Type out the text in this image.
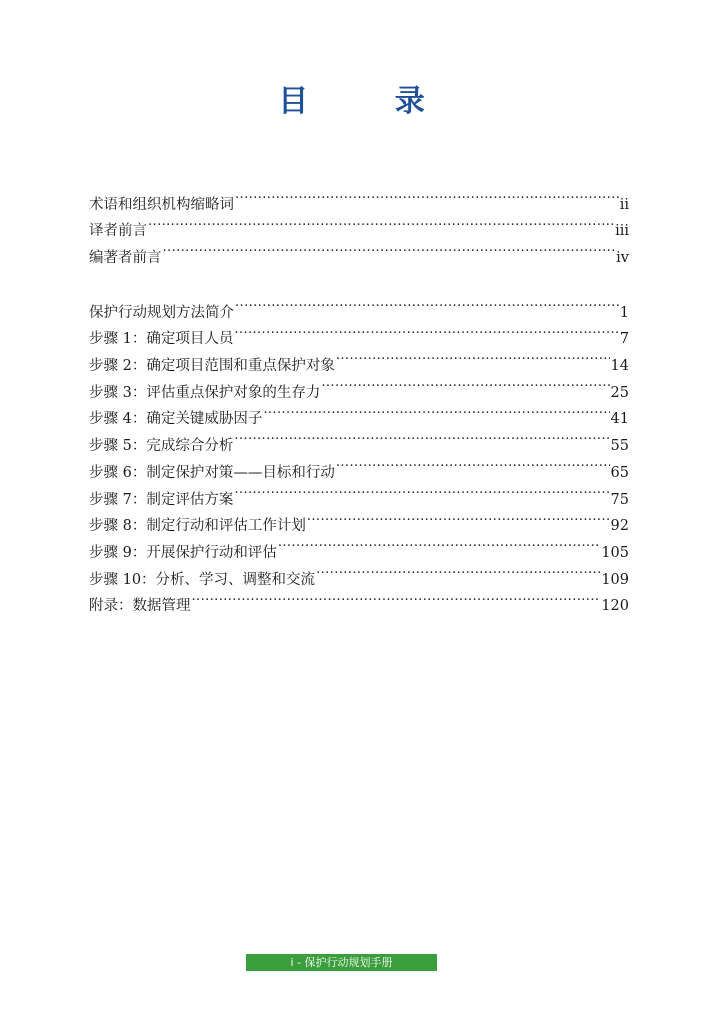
目 录
术语和组织机构缩略词 .....	ii
译者前言 .....	iii
编著者前言 .....	iv
保护行动规划方法简介 .....	1
步骤 1：确定项目人员 .....	7
步骤 2：确定项目范围和重点保护对象 .....	14
步骤 3：评估重点保护对象的生存力 .....	25
步骤 4：确定关键威胁因子 .....	41
步骤 5：完成综合分析 .....	55
步骤 6：制定保护对策——目标和行动 .....	65
步骤 7：制定评估方案 .....	75
步骤 8：制定行动和评估工作计划 .....	92
步骤 9：开展保护行动和评估 .....	105
步骤 10：分析、学习、调整和交流 .....	109
附录：数据管理 .....	120
i - 保护行动规划手册
